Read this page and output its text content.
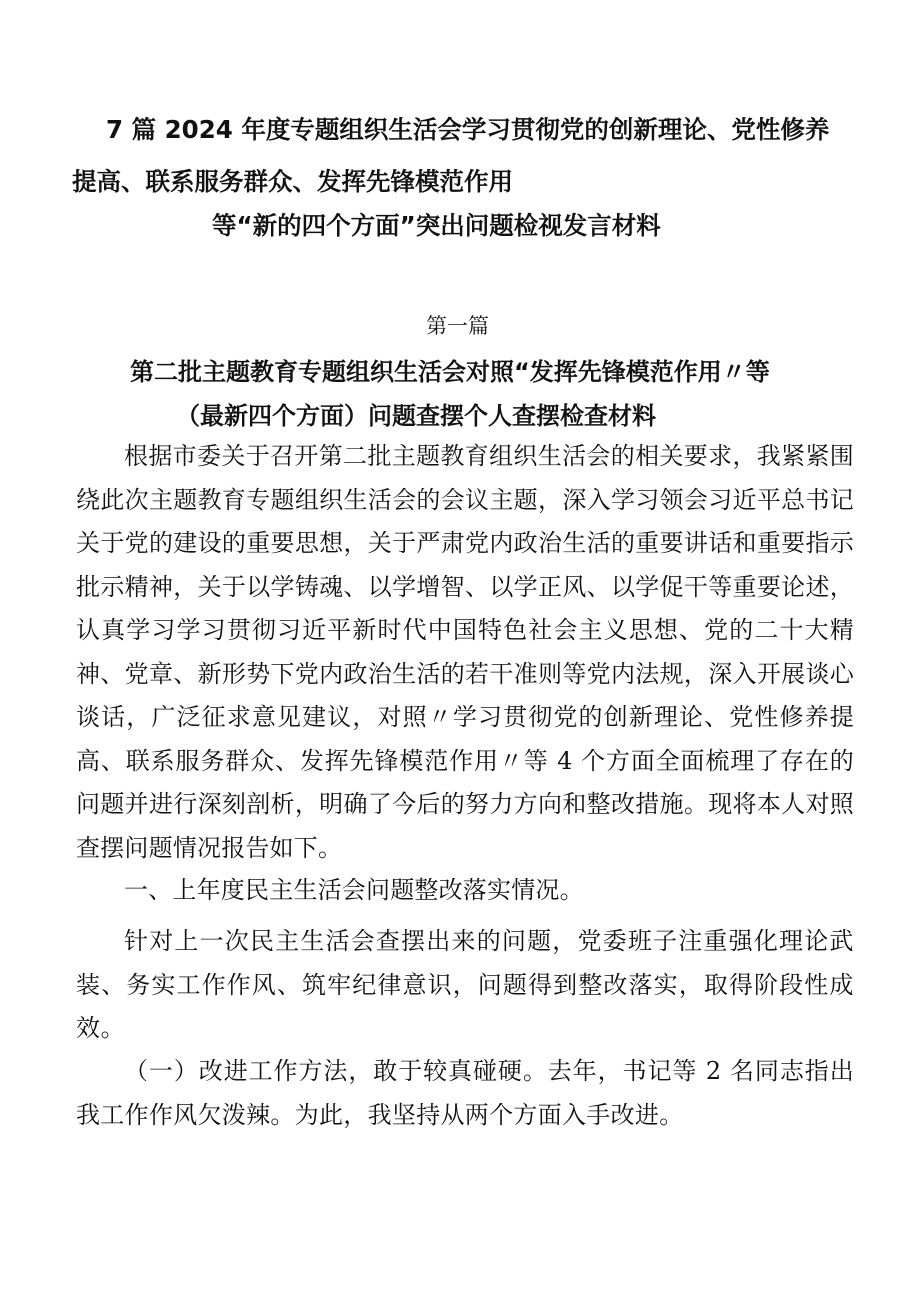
7 篇 2024 年度专题组织生活会学习贯彻党的创新理论、党性修养
提高、联系服务群众、发挥先锋模范作用
等“新的四个方面”突出问题检视发言材料
第一篇
第二批主题教育专题组织生活会对照“发挥先锋模范作用〃等
（最新四个方面）问题查摆个人查摆检查材料

根据市委关于召开第二批主题教育组织生活会的相关要求，我紧紧围绕此次主题教育专题组织生活会的会议主题，深入学习领会习近平总书记关于党的建设的重要思想，关于严肃党内政治生活的重要讲话和重要指示批示精神，关于以学铸魂、以学增智、以学正风、以学促干等重要论述，认真学习学习贯彻习近平新时代中国特色社会主义思想、党的二十大精神、党章、新形势下党内政治生活的若干准则等党内法规，深入开展谈心谈话，广泛征求意见建议，对照〃学习贯彻党的创新理论、党性修养提高、联系服务群众、发挥先锋模范作用〃等 4 个方面全面梳理了存在的问题并进行深刻剖析，明确了今后的努力方向和整改措施。现将本人对照查摆问题情况报告如下。

一、上年度民主生活会问题整改落实情况。

针对上一次民主生活会查摆出来的问题，党委班子注重强化理论武装、务实工作作风、筑牢纪律意识，问题得到整改落实，取得阶段性成效。

（一）改进工作方法，敢于较真碰硬。去年，书记等 2 名同志指出我工作作风欠泼辣。为此，我坚持从两个方面入手改进。
